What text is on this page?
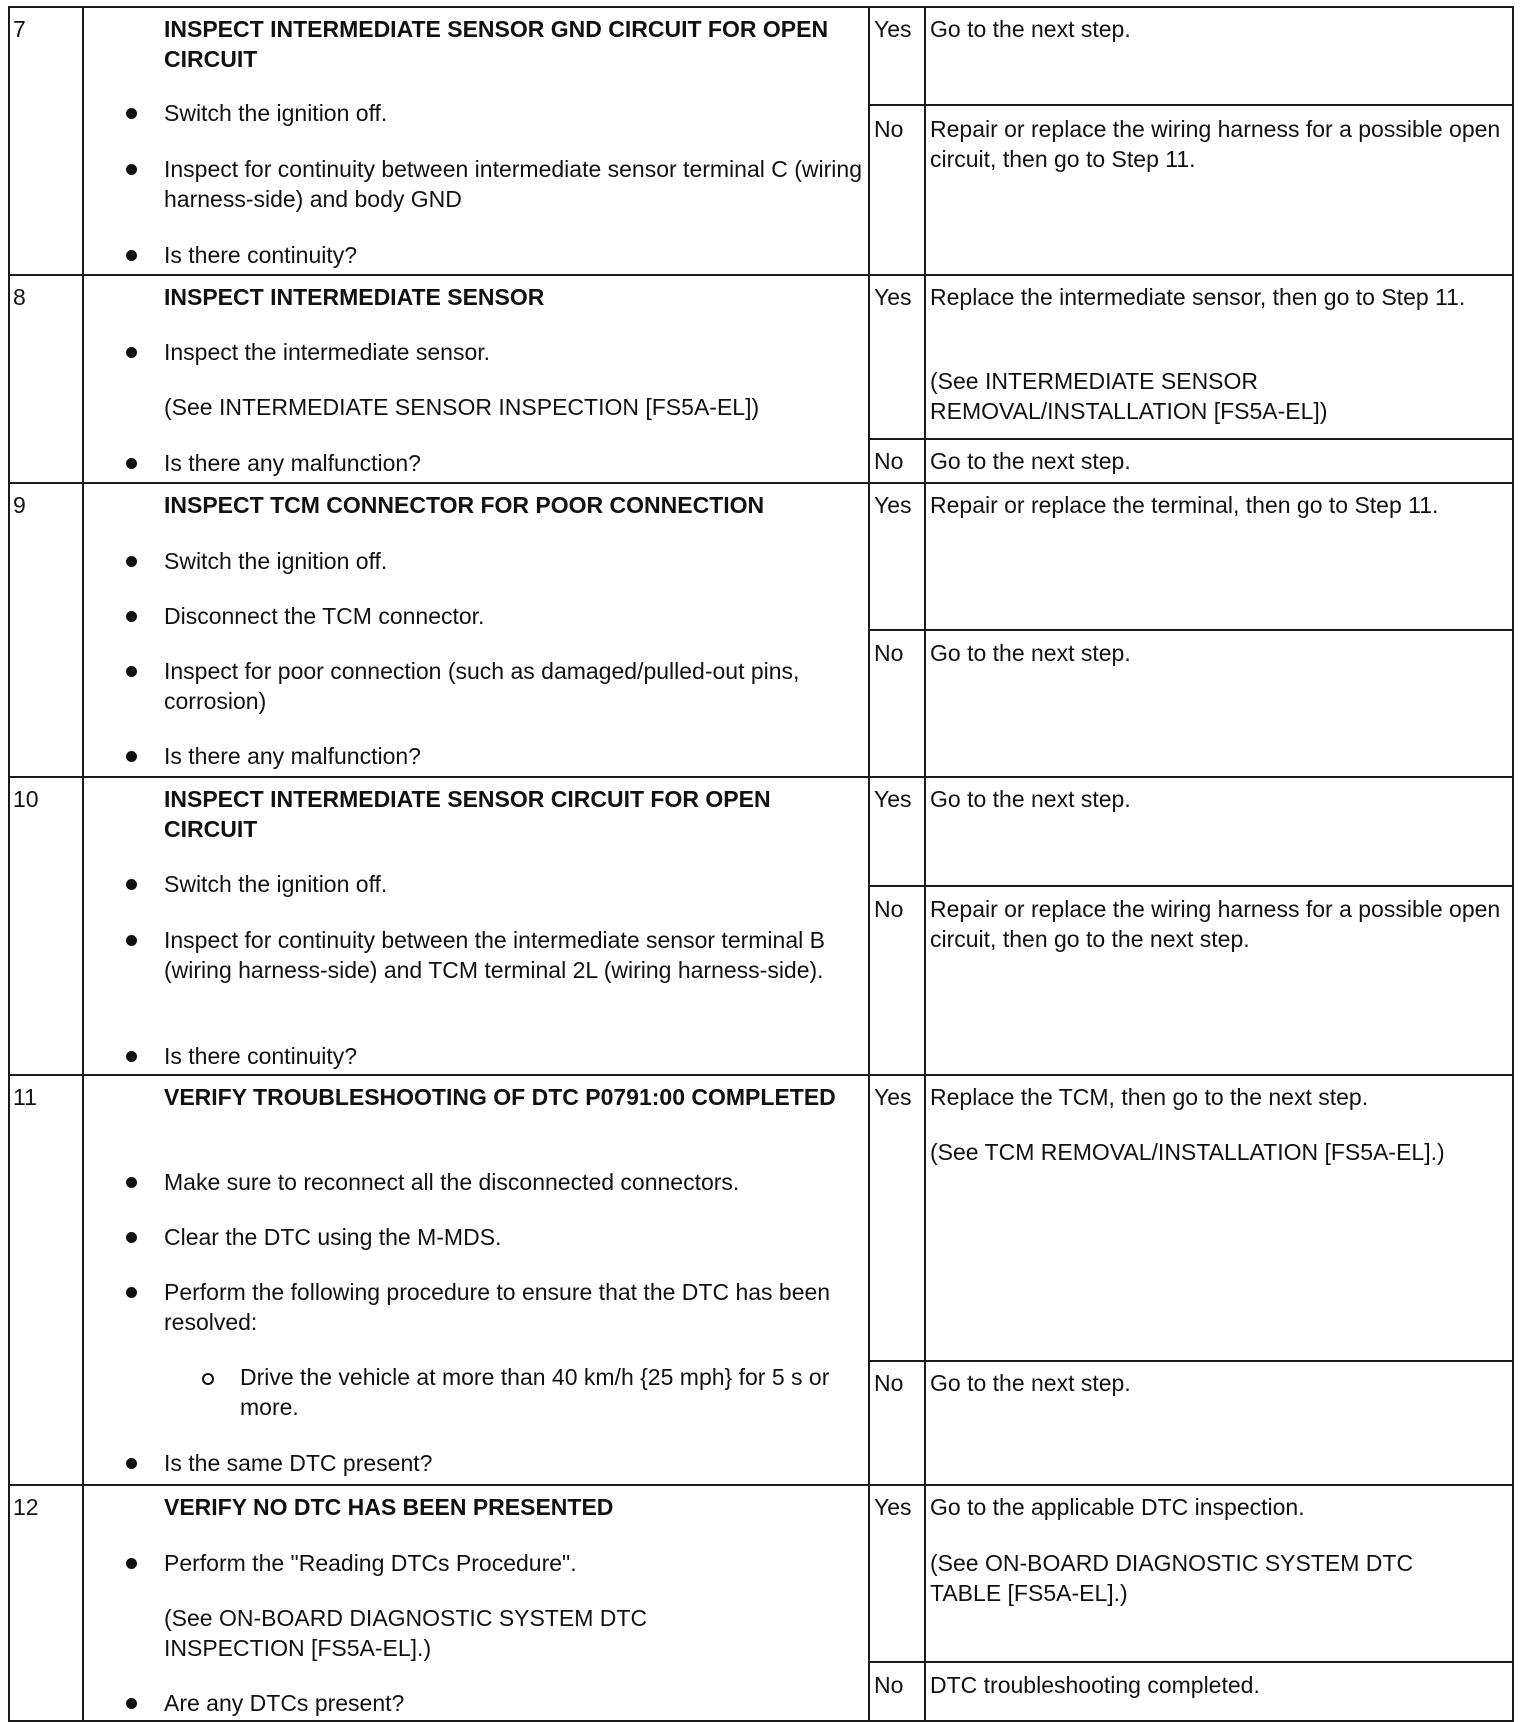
7	INSPECT INTERMEDIATE SENSOR GND CIRCUIT FOR OPEN CIRCUIT
Switch the ignition off.
Inspect for continuity between intermediate sensor terminal C (wiring harness-side) and body GND
Is there continuity?
Yes Go to the next step.
No Repair or replace the wiring harness for a possible open circuit, then go to Step 11.
8	INSPECT INTERMEDIATE SENSOR
Inspect the intermediate sensor.
(See INTERMEDIATE SENSOR INSPECTION [FS5A-EL])
Is there any malfunction?
Yes Replace the intermediate sensor, then go to Step 11.
(See INTERMEDIATE SENSOR REMOVAL/INSTALLATION [FS5A-EL])
No Go to the next step.
9	INSPECT TCM CONNECTOR FOR POOR CONNECTION
Switch the ignition off.
Disconnect the TCM connector.
Inspect for poor connection (such as damaged/pulled-out pins, corrosion)
Is there any malfunction?
Yes Repair or replace the terminal, then go to Step 11.
No Go to the next step.
10	INSPECT INTERMEDIATE SENSOR CIRCUIT FOR OPEN CIRCUIT
Switch the ignition off.
Inspect for continuity between the intermediate sensor terminal B (wiring harness-side) and TCM terminal 2L (wiring harness-side).
Is there continuity?
Yes Go to the next step.
No Repair or replace the wiring harness for a possible open circuit, then go to the next step.
11	VERIFY TROUBLESHOOTING OF DTC P0791:00 COMPLETED
Make sure to reconnect all the disconnected connectors.
Clear the DTC using the M-MDS.
Perform the following procedure to ensure that the DTC has been resolved:
Drive the vehicle at more than 40 km/h {25 mph} for 5 s or more.
Is the same DTC present?
Yes Replace the TCM, then go to the next step.
(See TCM REMOVAL/INSTALLATION [FS5A-EL].)
No Go to the next step.
12	VERIFY NO DTC HAS BEEN PRESENTED
Perform the "Reading DTCs Procedure".
(See ON-BOARD DIAGNOSTIC SYSTEM DTC INSPECTION [FS5A-EL].)
Are any DTCs present?
Yes Go to the applicable DTC inspection.
(See ON-BOARD DIAGNOSTIC SYSTEM DTC TABLE [FS5A-EL].)
No DTC troubleshooting completed.
